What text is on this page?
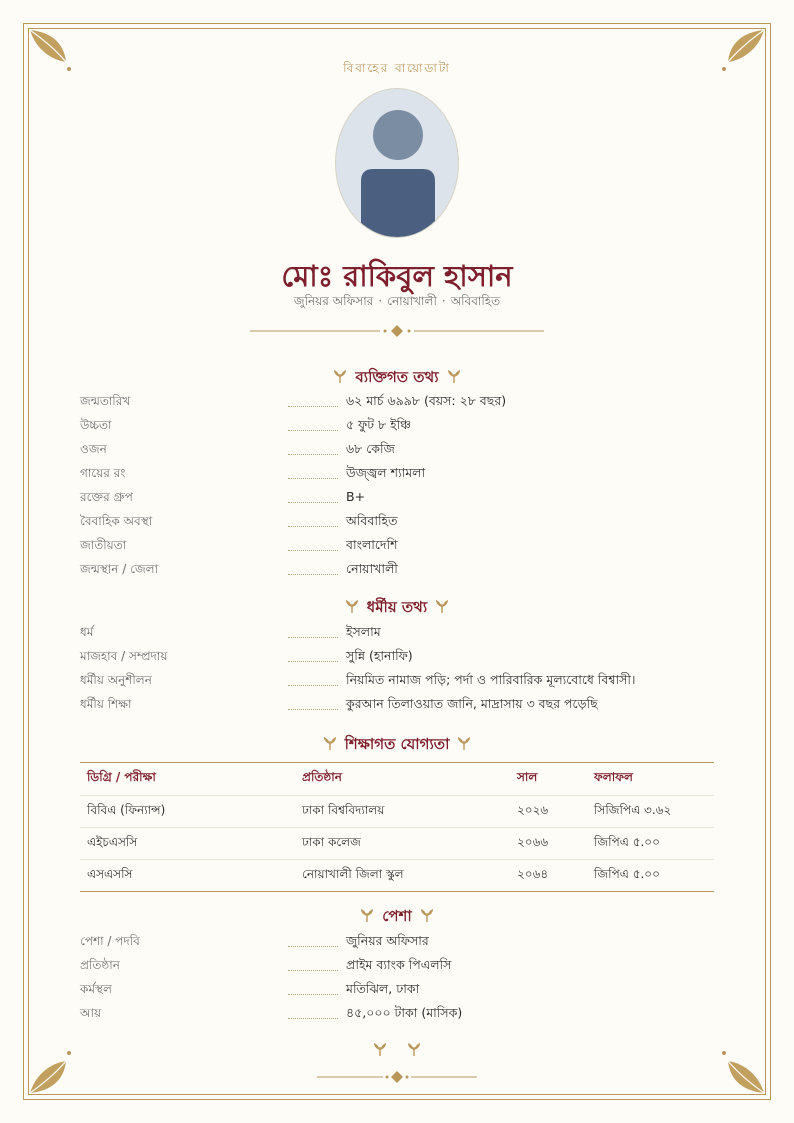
বিবাহের বায়োডাটা
মোঃ রাকিবুল হাসান
জুনিয়র অফিসার · নোয়াখালী · অবিবাহিত
ব্যক্তিগত তথ্য
জন্মতারিখ	৬২ মার্চ ৬৯৯৮ (বয়স: ২৮ বছর)
উচ্চতা	৫ ফুট ৮ ইঞ্চি
ওজন	৬৮ কেজি
গায়ের রং	উজ্জ্বল শ্যামলা
রক্তের গ্রুপ	B+
বৈবাহিক অবস্থা	অবিবাহিত
জাতীয়তা	বাংলাদেশি
জন্মস্থান / জেলা	নোয়াখালী
ধর্মীয় তথ্য
ধর্ম	ইসলাম
মাজহাব / সম্প্রদায়	সুন্নি (হানাফি)
ধর্মীয় অনুশীলন	নিয়মিত নামাজ পড়ি; পর্দা ও পারিবারিক মূল্যবোধে বিশ্বাসী।
ধর্মীয় শিক্ষা	কুরআন তিলাওয়াত জানি, মাদ্রাসায় ৩ বছর পড়েছি
শিক্ষাগত যোগ্যতা
ডিগ্রি / পরীক্ষা	প্রতিষ্ঠান	সাল	ফলাফল
বিবিএ (ফিন্যান্স)	ঢাকা বিশ্ববিদ্যালয়	২০২৬	সিজিপিএ ৩.৬২
এইচএসসি	ঢাকা কলেজ	২০৬৬	জিপিএ ৫.০০
এসএসসি	নোয়াখালী জিলা স্কুল	২০৬৪	জিপিএ ৫.০০
পেশা
পেশা / পদবি	জুনিয়র অফিসার
প্রতিষ্ঠান	প্রাইম ব্যাংক পিএলসি
কর্মস্থল	মতিঝিল, ঢাকা
আয়	৪৫,০০০ টাকা (মাসিক)
